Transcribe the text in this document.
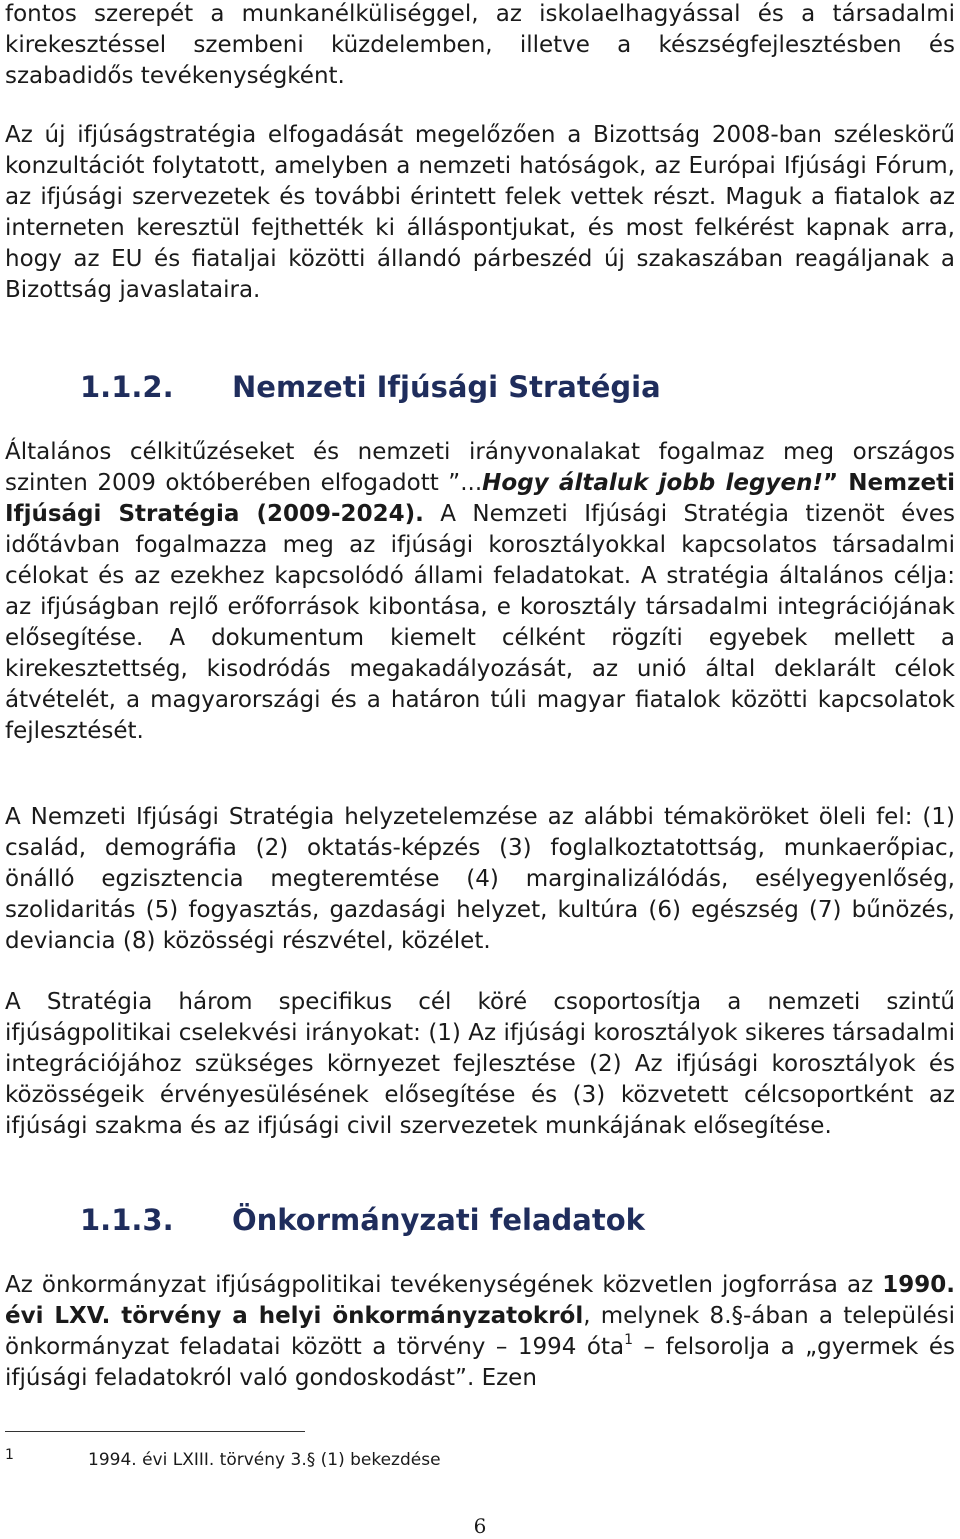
fontos szerepét a munkanélküliséggel, az iskolaelhagyással és a társadalmi kirekesztéssel szembeni küzdelemben, illetve a készségfejlesztésben és szabadidős tevékenységként.

Az új ifjúságstratégia elfogadását megelőzően a Bizottság 2008-ban széleskörű konzultációt folytatott, amelyben a nemzeti hatóságok, az Európai Ifjúsági Fórum, az ifjúsági szervezetek és további érintett felek vettek részt. Maguk a fiatalok az interneten keresztül fejthették ki álláspontjukat, és most felkérést kapnak arra, hogy az EU és fiataljai közötti állandó párbeszéd új szakaszában reagáljanak a Bizottság javaslataira.

1.1.2. Nemzeti Ifjúsági Stratégia

Általános célkitűzéseket és nemzeti irányvonalakat fogalmaz meg országos szinten 2009 októberében elfogadott ”...Hogy általuk jobb legyen!” Nemzeti Ifjúsági Stratégia (2009-2024). A Nemzeti Ifjúsági Stratégia tizenöt éves időtávban fogalmazza meg az ifjúsági korosztályokkal kapcsolatos társadalmi célokat és az ezekhez kapcsolódó állami feladatokat. A stratégia általános célja: az ifjúságban rejlő erőforrások kibontása, e korosztály társadalmi integrációjának elősegítése. A dokumentum kiemelt célként rögzíti egyebek mellett a kirekesztettség, kisodródás megakadályozását, az unió által deklarált célok átvételét, a magyarországi és a határon túli magyar fiatalok közötti kapcsolatok fejlesztését.

A Nemzeti Ifjúsági Stratégia helyzetelemzése az alábbi témaköröket öleli fel: (1) család, demográfia (2) oktatás-képzés (3) foglalkoztatottság, munkaerőpiac, önálló egzisztencia megteremtése (4) marginalizálódás, esélyegyenlőség, szolidaritás (5) fogyasztás, gazdasági helyzet, kultúra (6) egészség (7) bűnözés, deviancia (8) közösségi részvétel, közélet.

A Stratégia három specifikus cél köré csoportosítja a nemzeti szintű ifjúságpolitikai cselekvési irányokat: (1) Az ifjúsági korosztályok sikeres társadalmi integrációjához szükséges környezet fejlesztése (2) Az ifjúsági korosztályok és közösségeik érvényesülésének elősegítése és (3) közvetett célcsoportként az ifjúsági szakma és az ifjúsági civil szervezetek munkájának elősegítése.

1.1.3. Önkormányzati feladatok

Az önkormányzat ifjúságpolitikai tevékenységének közvetlen jogforrása az 1990. évi LXV. törvény a helyi önkormányzatokról, melynek 8.§-ában a települési önkormányzat feladatai között a törvény – 1994 óta$^1$ – felsorolja a „gyermek és ifjúsági feladatokról való gondoskodást”. Ezen

1	1994. évi LXIII. törvény 3.§ (1) bekezdése
6
